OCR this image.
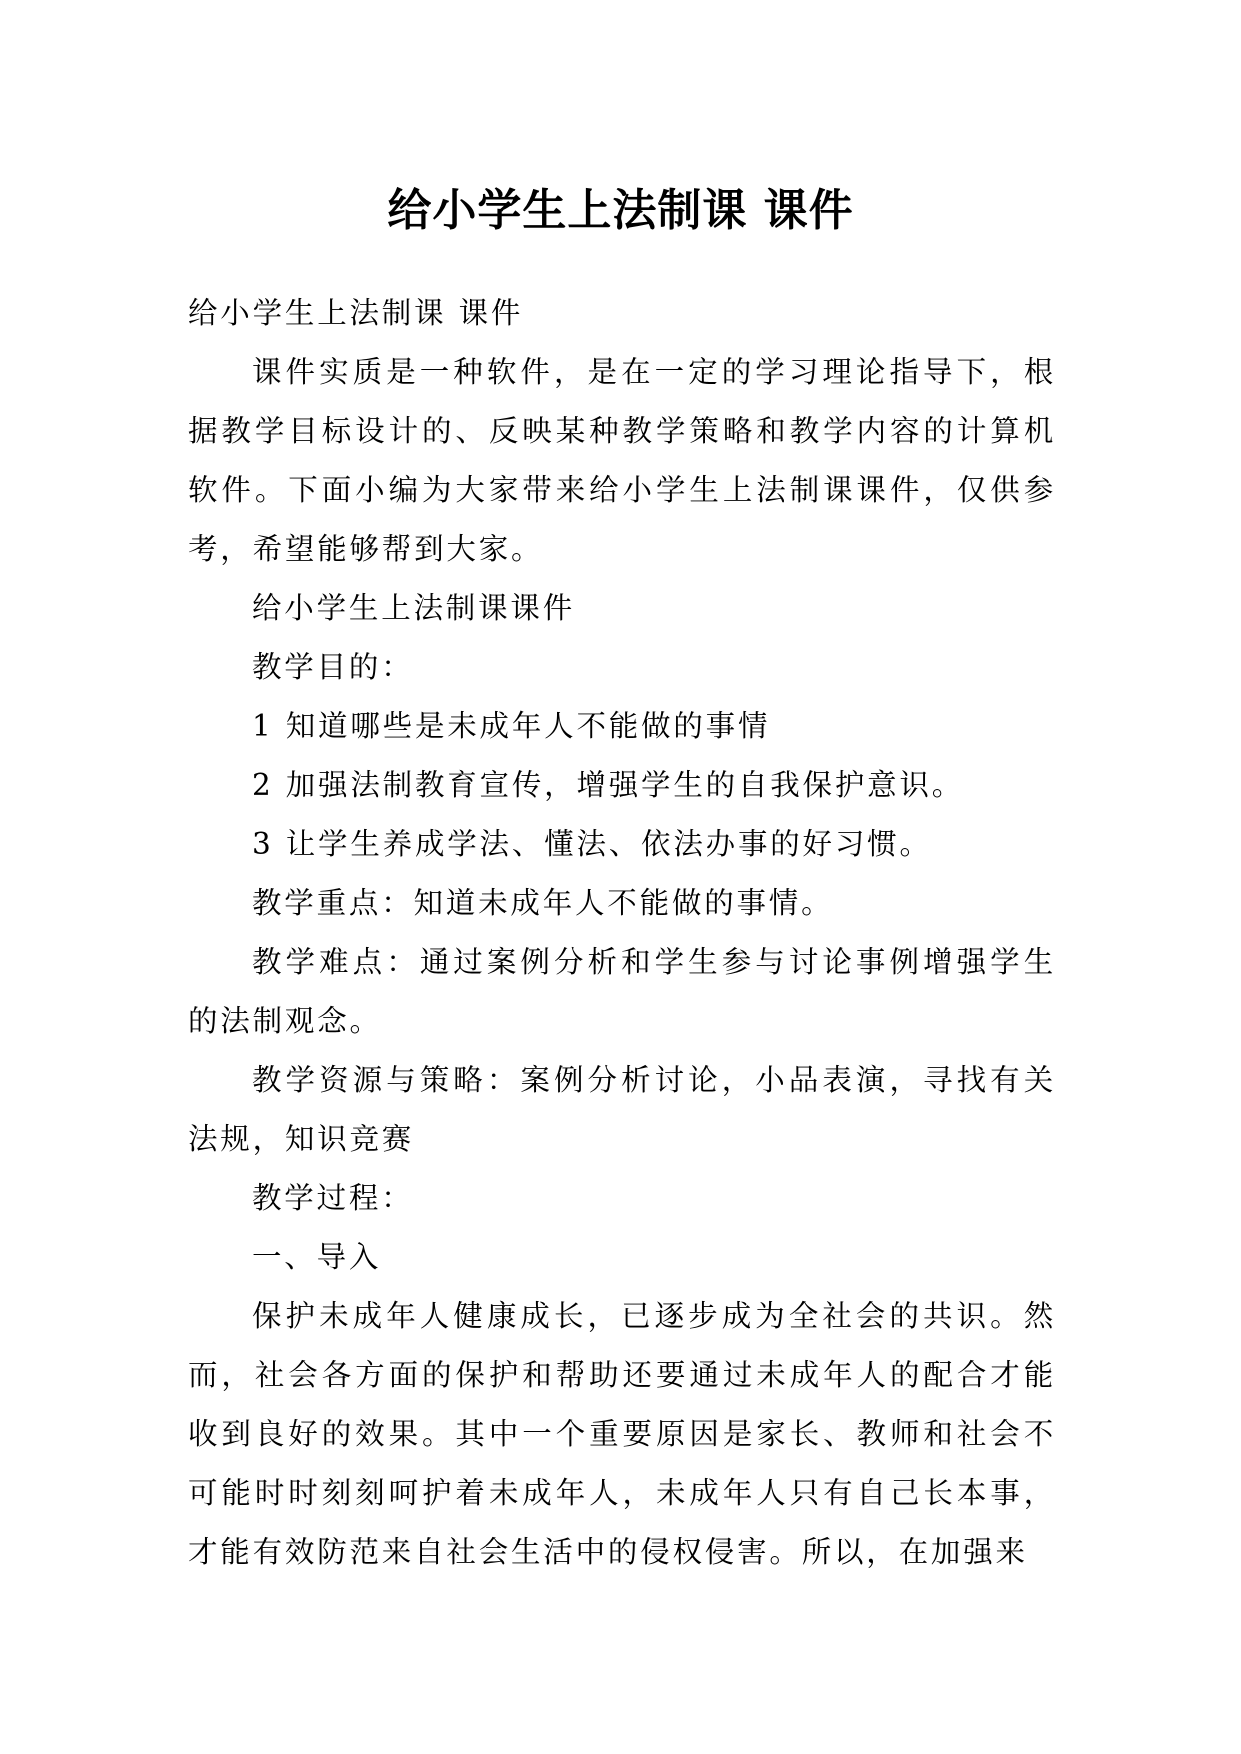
给小学生上法制课 课件

给小学生上法制课 课件

课件实质是一种软件，是在一定的学习理论指导下，根据教学目标设计的、反映某种教学策略和教学内容的计算机软件。下面小编为大家带来给小学生上法制课课件，仅供参考，希望能够帮到大家。

给小学生上法制课课件

教学目的：

1 知道哪些是未成年人不能做的事情

2 加强法制教育宣传，增强学生的自我保护意识。

3 让学生养成学法、懂法、依法办事的好习惯。

教学重点：知道未成年人不能做的事情。

教学难点：通过案例分析和学生参与讨论事例增强学生的法制观念。

教学资源与策略：案例分析讨论，小品表演，寻找有关法规，知识竞赛

教学过程：

一、导入

保护未成年人健康成长，已逐步成为全社会的共识。然而，社会各方面的保护和帮助还要通过未成年人的配合才能收到良好的效果。其中一个重要原因是家长、教师和社会不可能时时刻刻呵护着未成年人，未成年人只有自己长本事，才能有效防范来自社会生活中的侵权侵害。所以，在加强来
